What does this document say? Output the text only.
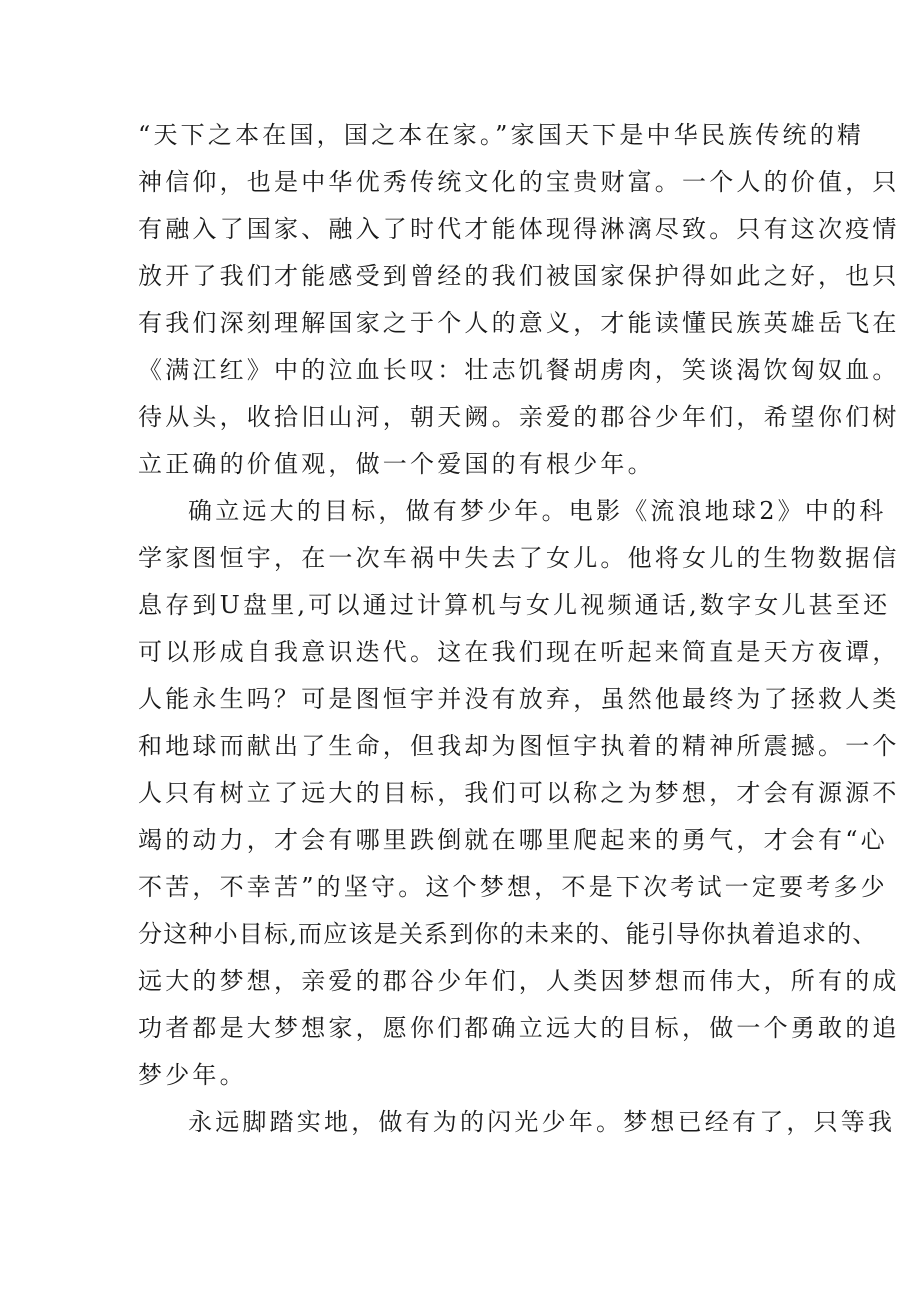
“天下之本在国，国之本在家。”家国天下是中华民族传统的精
神信仰，也是中华优秀传统文化的宝贵财富。一个人的价值，只
有融入了国家、融入了时代才能体现得淋漓尽致。只有这次疫情
放开了我们才能感受到曾经的我们被国家保护得如此之好，也只
有我们深刻理解国家之于个人的意义，才能读懂民族英雄岳飞在
《满江红》中的泣血长叹：壮志饥餐胡虏肉，笑谈渴饮匈奴血。
待从头，收拾旧山河，朝天阙。亲爱的郡谷少年们，希望你们树
立正确的价值观，做一个爱国的有根少年。
确立远大的目标，做有梦少年。电影《流浪地球2》中的科
学家图恒宇，在一次车祸中失去了女儿。他将女儿的生物数据信
息存到U盘里,可以通过计算机与女儿视频通话,数字女儿甚至还
可以形成自我意识迭代。这在我们现在听起来简直是天方夜谭，
人能永生吗？可是图恒宇并没有放弃，虽然他最终为了拯救人类
和地球而献出了生命，但我却为图恒宇执着的精神所震撼。一个
人只有树立了远大的目标，我们可以称之为梦想，才会有源源不
竭的动力，才会有哪里跌倒就在哪里爬起来的勇气，才会有“心
不苦，不幸苦”的坚守。这个梦想，不是下次考试一定要考多少
分这种小目标,而应该是关系到你的未来的、能引导你执着追求的、
远大的梦想，亲爱的郡谷少年们，人类因梦想而伟大，所有的成
功者都是大梦想家，愿你们都确立远大的目标，做一个勇敢的追
梦少年。
永远脚踏实地，做有为的闪光少年。梦想已经有了，只等我
